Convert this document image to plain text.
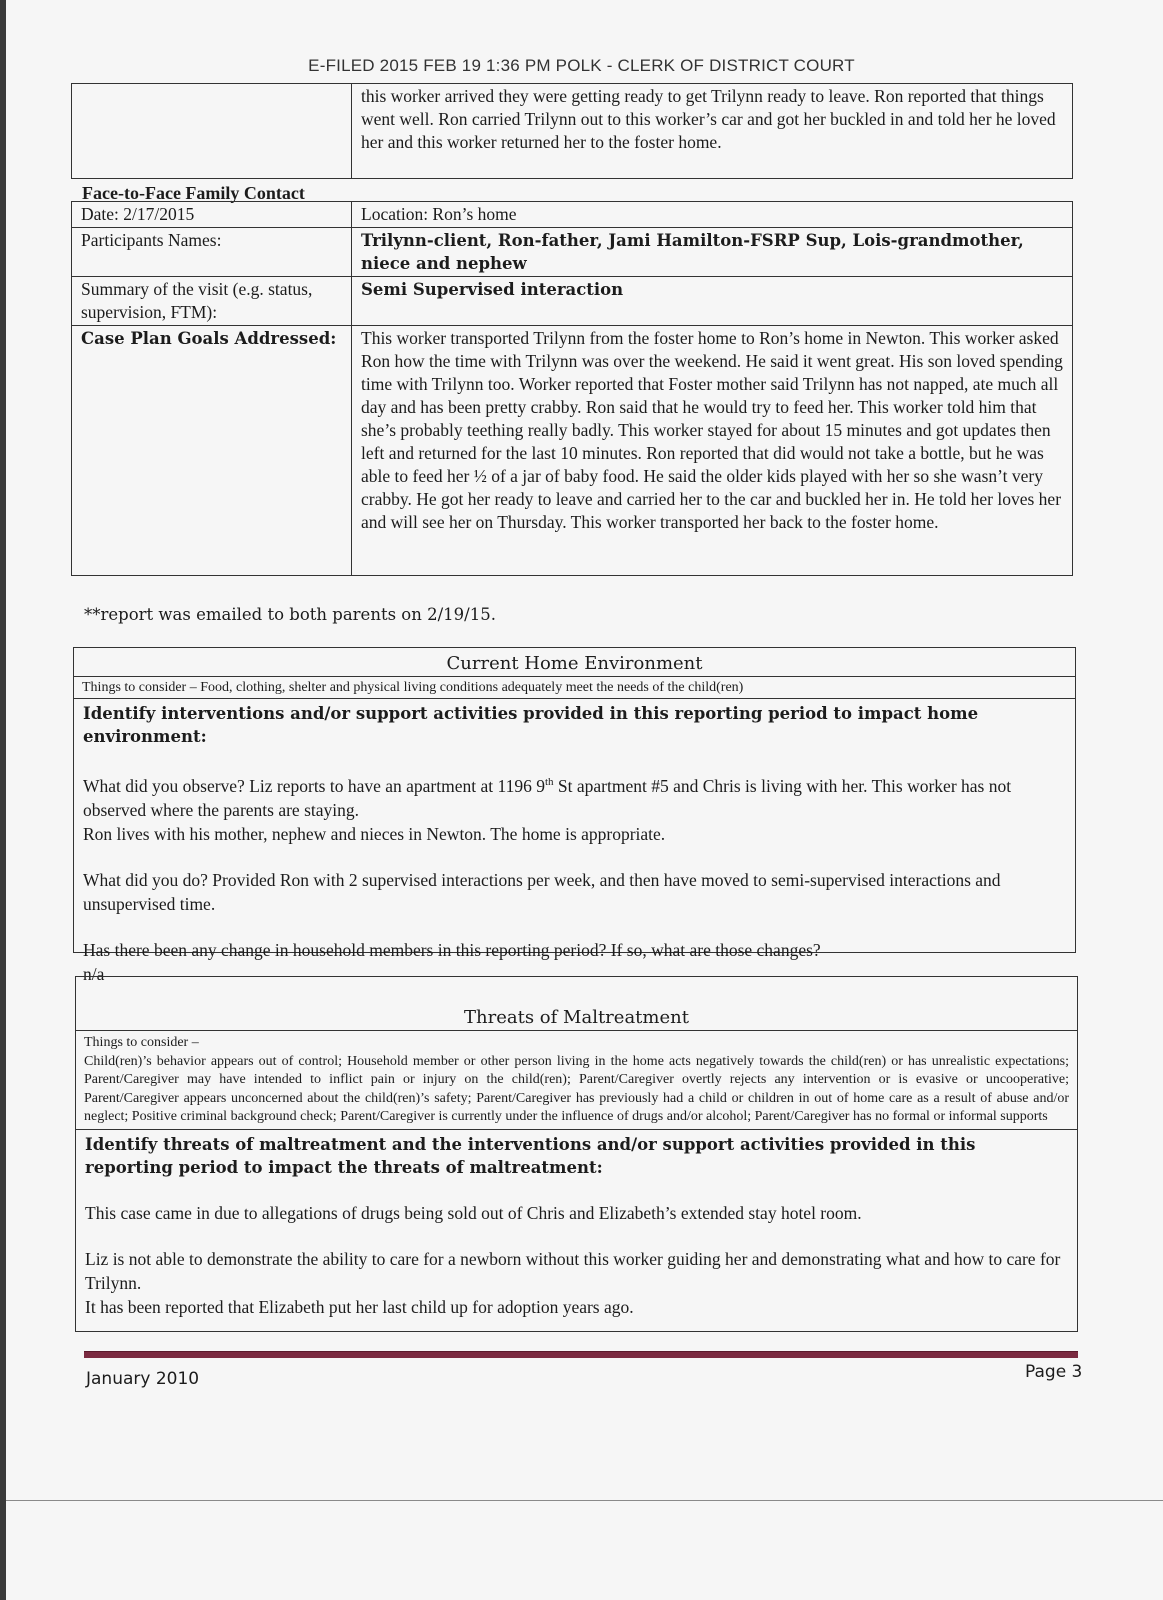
E-FILED 2015 FEB 19 1:36 PM POLK - CLERK OF DISTRICT COURT
	this worker arrived they were getting ready to get Trilynn ready to leave. Ron reported that things went well. Ron carried Trilynn out to this worker’s car and got her buckled in and told her he loved her and this worker returned her to the foster home.
Face-to-Face Family Contact
Date: 2/17/2015	Location: Ron’s home
Participants Names:	Trilynn-client, Ron-father, Jami Hamilton-FSRP Sup, Lois-grandmother, niece and nephew
Summary of the visit (e.g. status, supervision, FTM):	Semi Supervised interaction
Case Plan Goals Addressed:	This worker transported Trilynn from the foster home to Ron’s home in Newton. This worker asked Ron how the time with Trilynn was over the weekend. He said it went great. His son loved spending time with Trilynn too. Worker reported that Foster mother said Trilynn has not napped, ate much all day and has been pretty crabby. Ron said that he would try to feed her. This worker told him that she’s probably teething really badly. This worker stayed for about 15 minutes and got updates then left and returned for the last 10 minutes. Ron reported that did would not take a bottle, but he was able to feed her ½ of a jar of baby food. He said the older kids played with her so she wasn’t very crabby. He got her ready to leave and carried her to the car and buckled her in. He told her loves her and will see her on Thursday. This worker transported her back to the foster home.
**report was emailed to both parents on 2/19/15.
Current Home Environment
Things to consider – Food, clothing, shelter and physical living conditions adequately meet the needs of the child(ren)
Identify interventions and/or support activities provided in this reporting period to impact home environment:
What did you observe? Liz reports to have an apartment at 1196 9th St apartment #5 and Chris is living with her. This worker has not observed where the parents are staying.
Ron lives with his mother, nephew and nieces in Newton. The home is appropriate.
What did you do? Provided Ron with 2 supervised interactions per week, and then have moved to semi-supervised interactions and unsupervised time.
Has there been any change in household members in this reporting period? If so, what are those changes?
n/a
Threats of Maltreatment
Things to consider –
Child(ren)’s behavior appears out of control; Household member or other person living in the home acts negatively towards the child(ren) or has unrealistic expectations; Parent/Caregiver may have intended to inflict pain or injury on the child(ren); Parent/Caregiver overtly rejects any intervention or is evasive or uncooperative; Parent/Caregiver appears unconcerned about the child(ren)’s safety; Parent/Caregiver has previously had a child or children in out of home care as a result of abuse and/or neglect; Positive criminal background check; Parent/Caregiver is currently under the influence of drugs and/or alcohol; Parent/Caregiver has no formal or informal supports
Identify threats of maltreatment and the interventions and/or support activities provided in this reporting period to impact the threats of maltreatment:
This case came in due to allegations of drugs being sold out of Chris and Elizabeth’s extended stay hotel room.
Liz is not able to demonstrate the ability to care for a newborn without this worker guiding her and demonstrating what and how to care for Trilynn.
It has been reported that Elizabeth put her last child up for adoption years ago.
January 2010	Page 3
